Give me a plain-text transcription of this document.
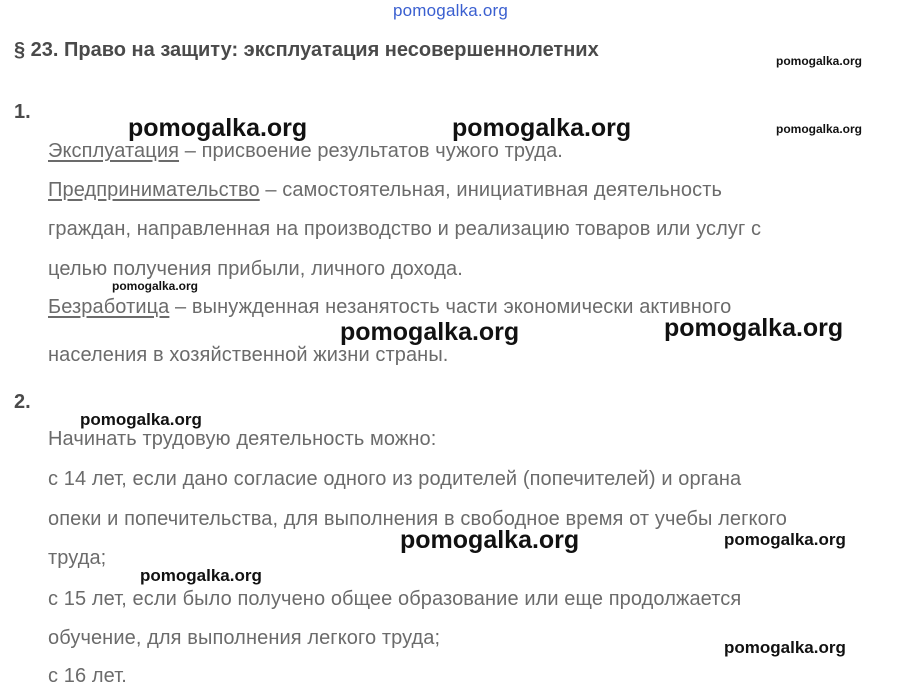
pomogalka.org
§ 23. Право на защиту: эксплуатация несовершеннолетних
1.
Эксплуатация – присвоение результатов чужого труда.
Предпринимательство – самостоятельная, инициативная деятельность
граждан, направленная на производство и реализацию товаров или услуг с
целью получения прибыли, личного дохода.
Безработица – вынужденная незанятость части экономически активного
населения в хозяйственной жизни страны.
2.
Начинать трудовую деятельность можно:
с 14 лет, если дано согласие одного из родителей (попечителей) и органа
опеки и попечительства, для выполнения в свободное время от учебы легкого
труда;
с 15 лет, если было получено общее образование или еще продолжается
обучение, для выполнения легкого труда;
с 16 лет.
pomogalka.org
pomogalka.org	pomogalka.org	pomogalka.org
pomogalka.org
pomogalka.org	pomogalka.org
pomogalka.org
pomogalka.org	pomogalka.org
pomogalka.org
pomogalka.org
